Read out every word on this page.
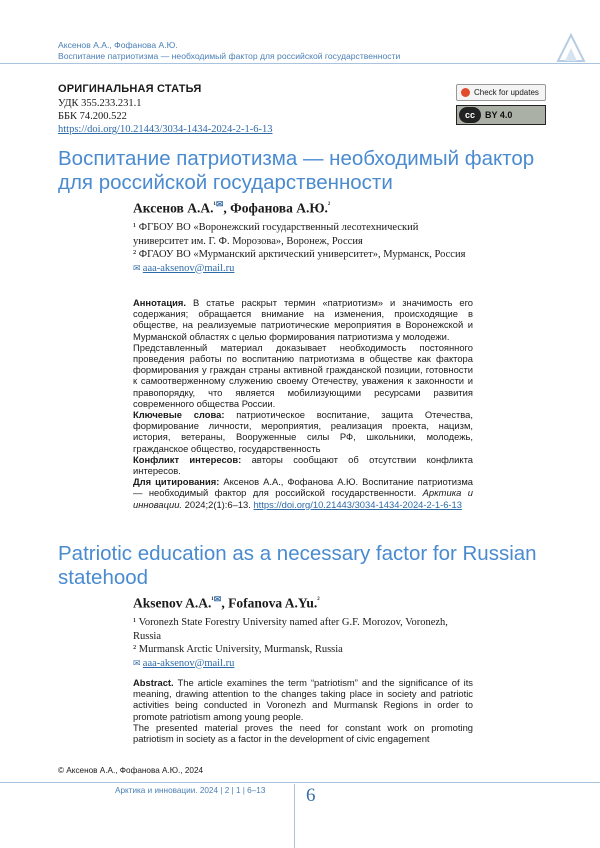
Аксенов А.А., Фофанова А.Ю.
Воспитание патриотизма — необходимый фактор для российской государственности
ОРИГИНАЛЬНАЯ СТАТЬЯ
УДК 355.233.231.1
ББК 74.200.522
https://doi.org/10.21443/3034-1434-2024-2-1-6-13
Check for updates
cc	BY 4.0
Воспитание патриотизма — необходимый фактор для российской государственности
Аксенов А.А.$^{^1✉}$, Фофанова А.Ю.$^{^2}$
¹ ФГБОУ ВО «Воронежский государственный лесотехнический университет им. Г. Ф. Морозова», Воронеж, Россия
² ФГАОУ ВО «Мурманский арктический университет», Мурманск, Россия
✉ aaa-aksenov@mail.ru
Аннотация. В статье раскрыт термин «патриотизм» и значимость его содержания; обращается внимание на изменения, происходящие в обществе, на реализуемые патриотические мероприятия в Воронежской и Мурманской областях с целью формирования патриотизма у молодежи.
Представленный материал доказывает необходимость постоянного проведения работы по воспитанию патриотизма в обществе как фактора формирования у граждан страны активной гражданской позиции, готовности к самоотверженному служению своему Отечеству, уважения к законности и правопорядку, что является мобилизующими ресурсами развития современного общества России.
Ключевые слова: патриотическое воспитание, защита Отечества, формирование личности, мероприятия, реализация проекта, нацизм, история, ветераны, Вооруженные силы РФ, школьники, молодежь, гражданское общество, государственность
Конфликт интересов: авторы сообщают об отсутствии конфликта интересов.
Для цитирования: Аксенов А.А., Фофанова А.Ю. Воспитание патриотизма — необходимый фактор для российской государственности. Арктика и инновации. 2024;2(1):6–13. https://doi.org/10.21443/3034-1434-2024-2-1-6-13
Patriotic education as a necessary factor for Russian statehood
Aksenov A.A.$^{^1✉}$, Fofanova A.Yu.$^{^2}$
¹ Voronezh State Forestry University named after G.F. Morozov, Voronezh, Russia
² Murmansk Arctic University, Murmansk, Russia
✉ aaa-aksenov@mail.ru
Abstract. The article examines the term “patriotism” and the significance of its meaning, drawing attention to the changes taking place in society and patriotic activities being conducted in Voronezh and Murmansk Regions in order to promote patriotism among young people.
The presented material proves the need for constant work on promoting patriotism in society as a factor in the development of civic engagement
© Аксенов А.А., Фофанова А.Ю., 2024
Арктика и инновации. 2024 | 2 | 1 | 6–13 6
